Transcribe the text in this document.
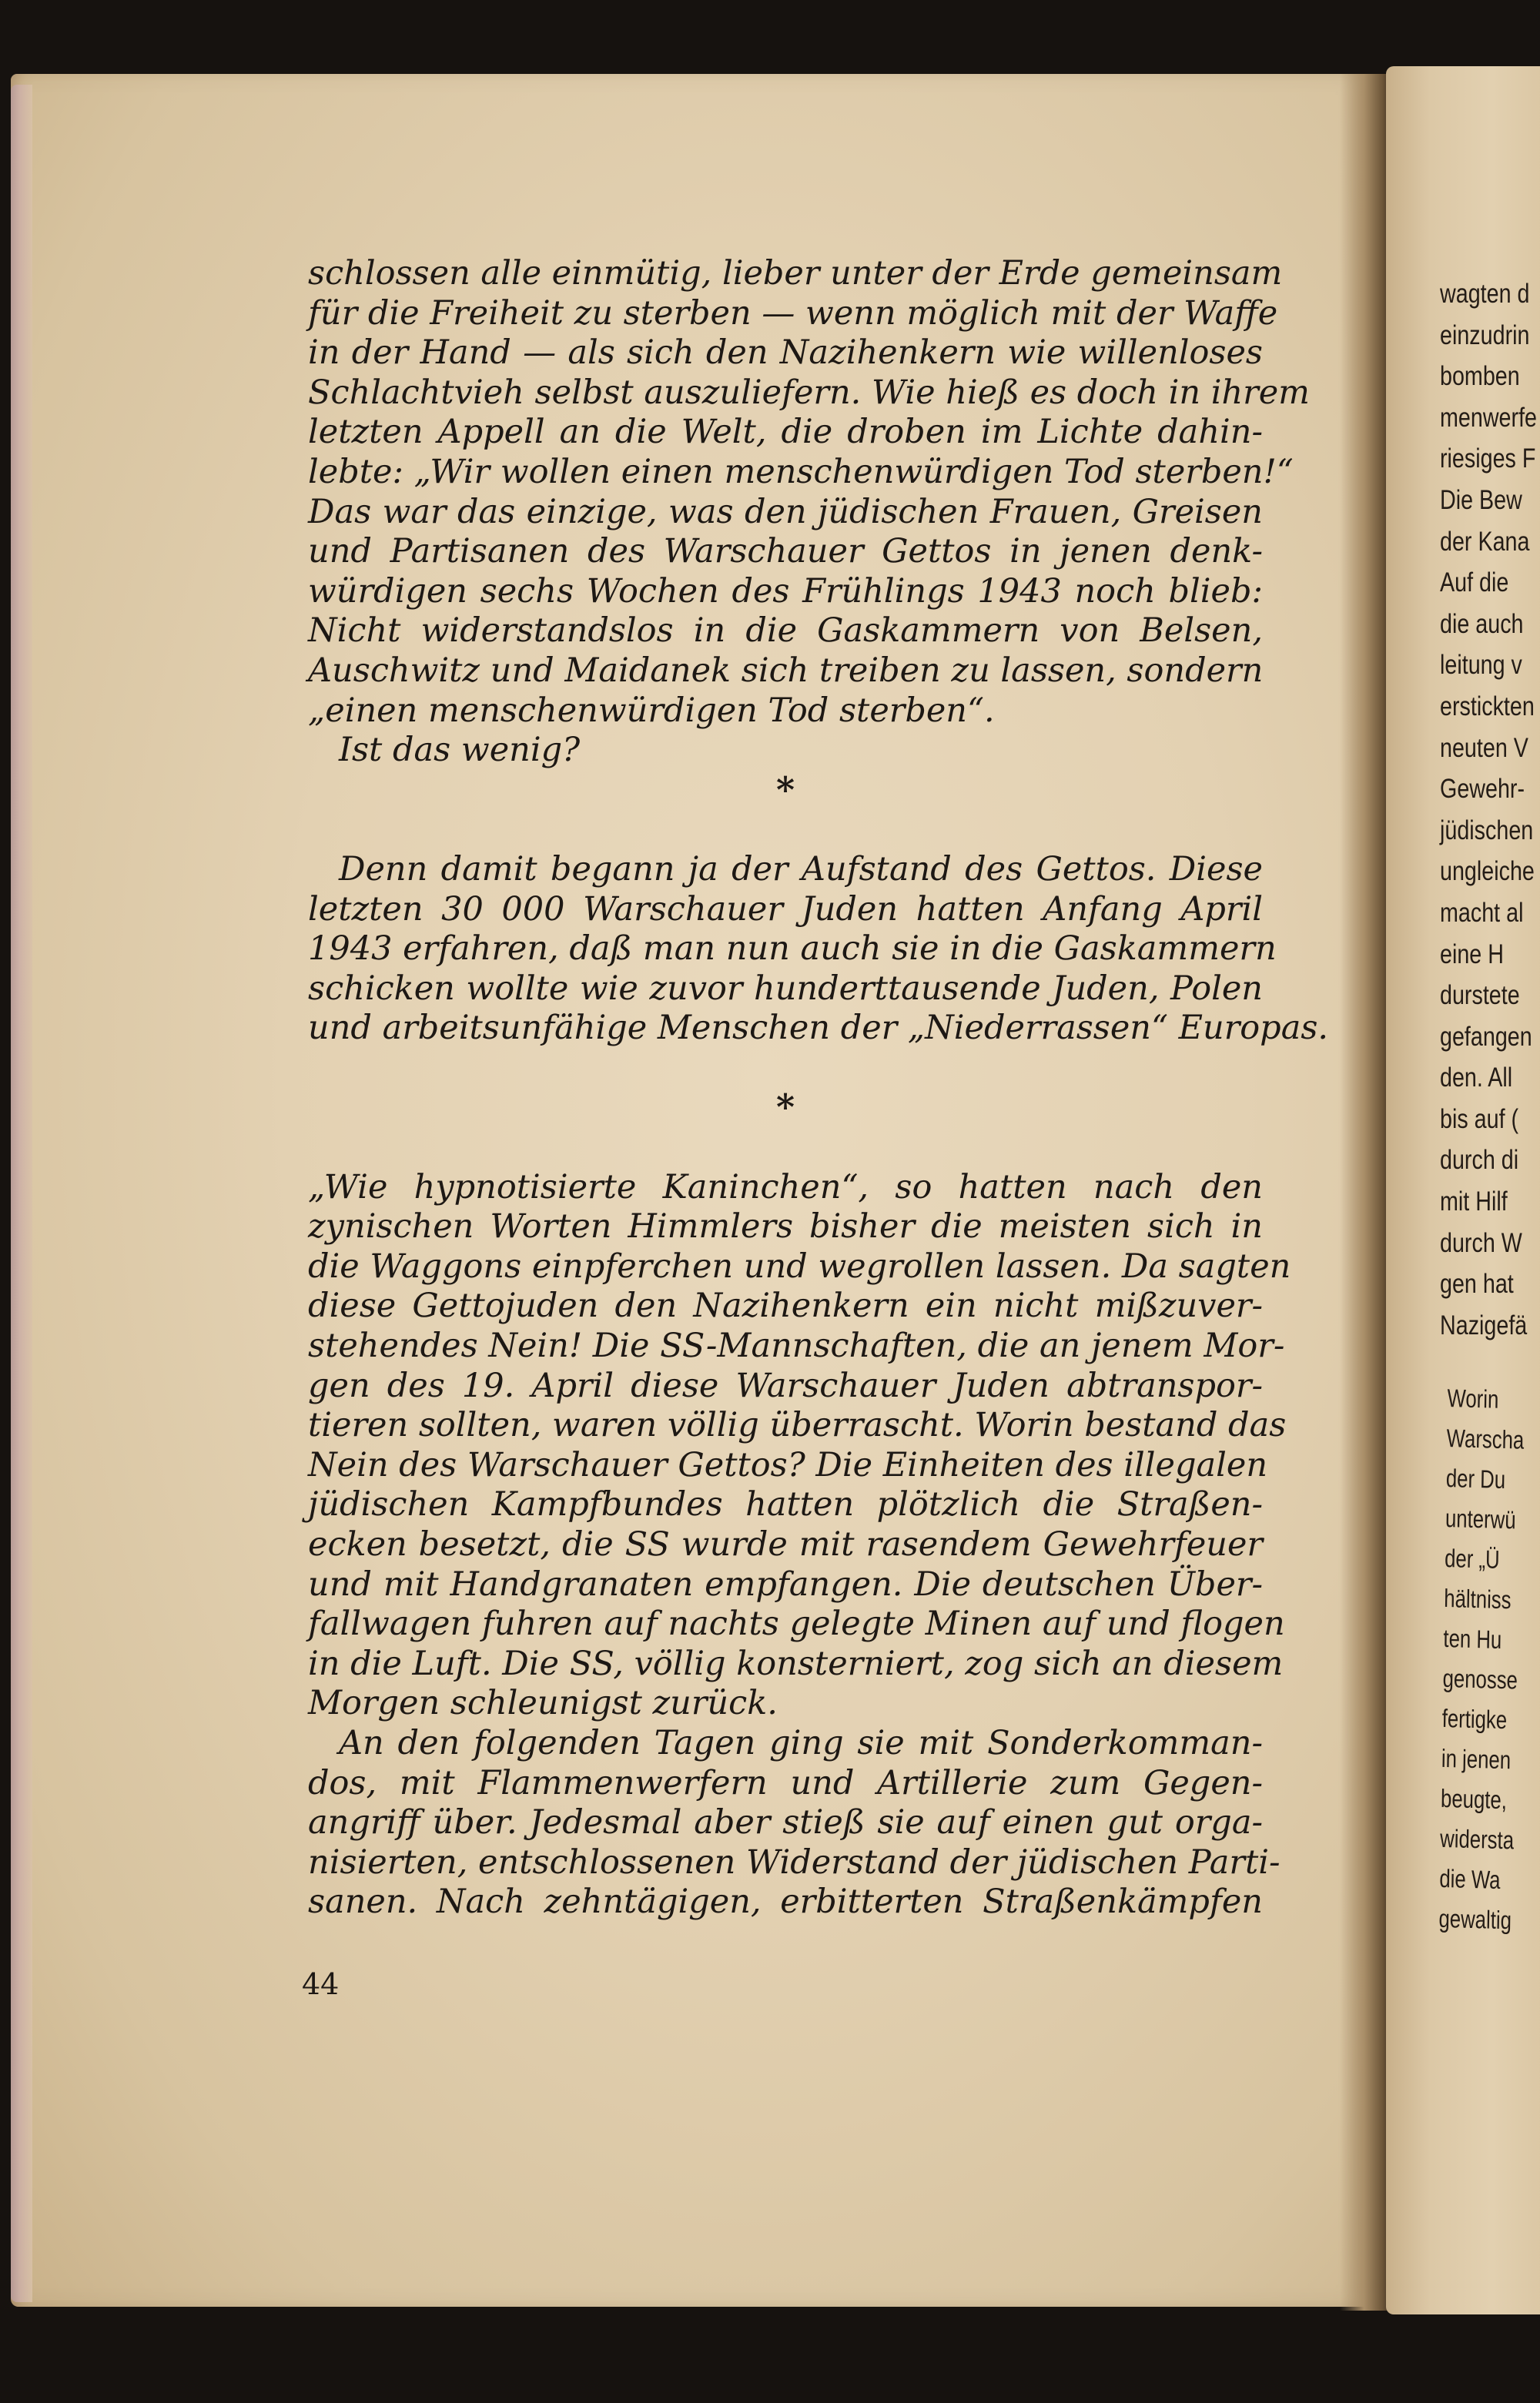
schlossen alle einmütig, lieber unter der Erde gemeinsam
für die Freiheit zu sterben — wenn möglich mit der Waffe
in der Hand — als sich den Nazihenkern wie willenloses
Schlachtvieh selbst auszuliefern. Wie hieß es doch in ihrem
letzten Appell an die Welt, die droben im Lichte dahin-
lebte: „Wir wollen einen menschenwürdigen Tod sterben!“
Das war das einzige, was den jüdischen Frauen, Greisen
und Partisanen des Warschauer Gettos in jenen denk-
würdigen sechs Wochen des Frühlings 1943 noch blieb:
Nicht widerstandslos in die Gaskammern von Belsen,
Auschwitz und Maidanek sich treiben zu lassen, sondern
„einen menschenwürdigen Tod sterben“.
Ist das wenig?
*
Denn damit begann ja der Aufstand des Gettos. Diese
letzten 30 000 Warschauer Juden hatten Anfang April
1943 erfahren, daß man nun auch sie in die Gaskammern
schicken wollte wie zuvor hunderttausende Juden, Polen
und arbeitsunfähige Menschen der „Niederrassen“ Europas.
*
„Wie hypnotisierte Kaninchen“, so hatten nach den
zynischen Worten Himmlers bisher die meisten sich in
die Waggons einpferchen und wegrollen lassen. Da sagten
diese Gettojuden den Nazihenkern ein nicht mißzuver-
stehendes Nein! Die SS-Mannschaften, die an jenem Mor-
gen des 19. April diese Warschauer Juden abtranspor-
tieren sollten, waren völlig überrascht. Worin bestand das
Nein des Warschauer Gettos? Die Einheiten des illegalen
jüdischen Kampfbundes hatten plötzlich die Straßen-
ecken besetzt, die SS wurde mit rasendem Gewehrfeuer
und mit Handgranaten empfangen. Die deutschen Über-
fallwagen fuhren auf nachts gelegte Minen auf und flogen
in die Luft. Die SS, völlig konsterniert, zog sich an diesem
Morgen schleunigst zurück.
An den folgenden Tagen ging sie mit Sonderkomman-
dos, mit Flammenwerfern und Artillerie zum Gegen-
angriff über. Jedesmal aber stieß sie auf einen gut orga-
nisierten, entschlossenen Widerstand der jüdischen Parti-
sanen. Nach zehntägigen, erbitterten Straßenkämpfen
44
wagten d
einzudrin
bomben
menwerfe
riesiges F
Die Bew
der Kana
Auf die
die auch
leitung v
erstickten
neuten V
Gewehr-
jüdischen
ungleiche
macht al
eine H
durstete
gefangen
den. All
bis auf (
durch di
mit Hilf
durch W
gen hat
Nazigefä
Worin
Warscha
der Du
unterwü
der „Ü
hältniss
ten Hu
genosse
fertigke
in jenen
beugte,
widersta
die Wa
gewaltig
